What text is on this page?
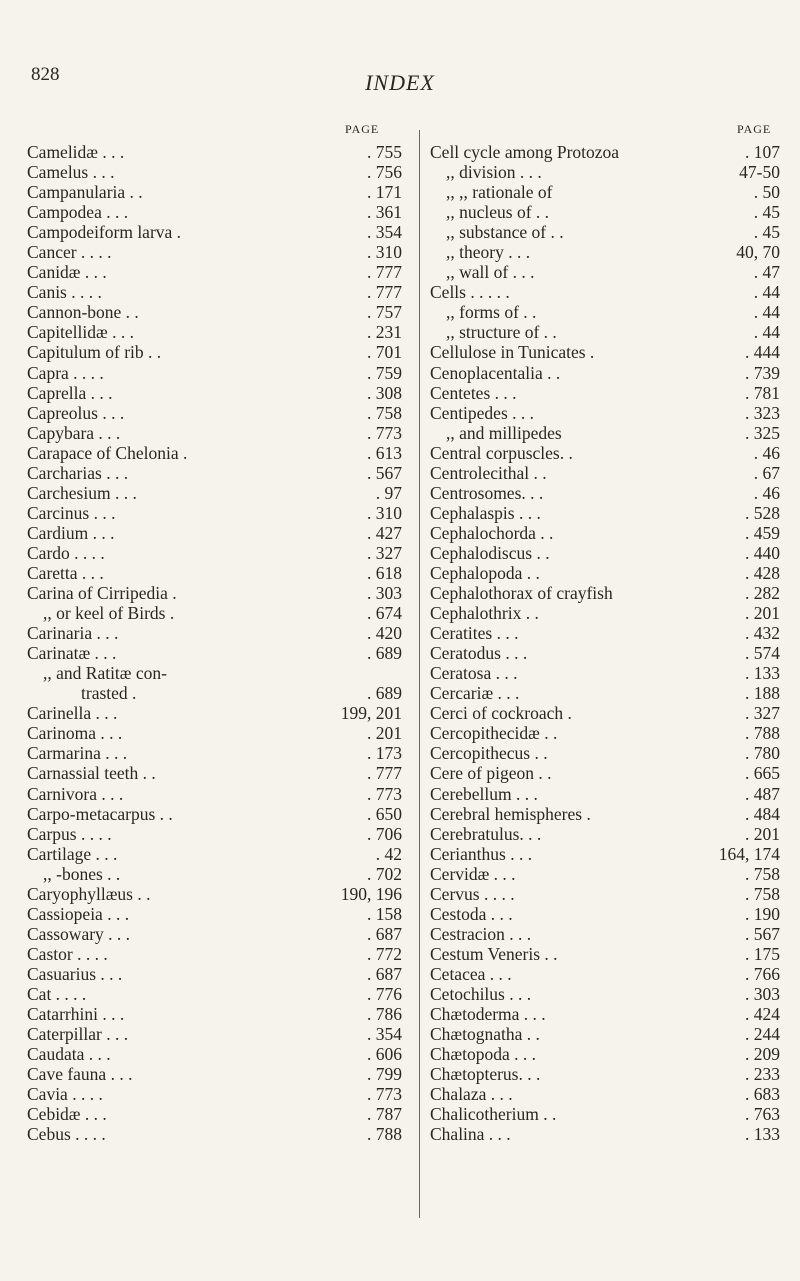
828	INDEX
PAGE	PAGE
Camelidæ . . .	. 755
Camelus . . .	. 756
Campanularia . .	. 171
Campodea . . .	. 361
Campodeiform larva .	. 354
Cancer . . . .	. 310
Canidæ . . .	. 777
Canis . . . .	. 777
Cannon-bone . .	. 757
Capitellidæ . . .	. 231
Capitulum of rib . .	. 701
Capra . . . .	. 759
Caprella . . .	. 308
Capreolus . . .	. 758
Capybara . . .	. 773
Carapace of Chelonia .	. 613
Carcharias . . .	. 567
Carchesium . . .	. 97
Carcinus . . .	. 310
Cardium . . .	. 427
Cardo . . . .	. 327
Caretta . . .	. 618
Carina of Cirripedia .	. 303
,, or keel of Birds .	. 674
Carinaria . . .	. 420
Carinatæ . . .	. 689
,, and Ratitæ con-
trasted .	. 689
Carinella . . .	199, 201
Carinoma . . .	. 201
Carmarina . . .	. 173
Carnassial teeth . .	. 777
Carnivora . . .	. 773
Carpo-metacarpus . .	. 650
Carpus . . . .	. 706
Cartilage . . .	. 42
,, -bones . .	. 702
Caryophyllæus . .	190, 196
Cassiopeia . . .	. 158
Cassowary . . .	. 687
Castor . . . .	. 772
Casuarius . . .	. 687
Cat . . . .	. 776
Catarrhini . . .	. 786
Caterpillar . . .	. 354
Caudata . . .	. 606
Cave fauna . . .	. 799
Cavia . . . .	. 773
Cebidæ . . .	. 787
Cebus . . . .	. 788
Cell cycle among Protozoa	. 107
,, division . . .	47-50
,, ,, rationale of	. 50
,, nucleus of . .	. 45
,, substance of . .	. 45
,, theory . . .	40, 70
,, wall of . . .	. 47
Cells . . . . .	. 44
,, forms of . .	. 44
,, structure of . .	. 44
Cellulose in Tunicates .	. 444
Cenoplacentalia . .	. 739
Centetes . . .	. 781
Centipedes . . .	. 323
,, and millipedes	. 325
Central corpuscles. .	. 46
Centrolecithal . .	. 67
Centrosomes. . .	. 46
Cephalaspis . . .	. 528
Cephalochorda . .	. 459
Cephalodiscus . .	. 440
Cephalopoda . .	. 428
Cephalothorax of crayfish	. 282
Cephalothrix . .	. 201
Ceratites . . .	. 432
Ceratodus . . .	. 574
Ceratosa . . .	. 133
Cercariæ . . .	. 188
Cerci of cockroach .	. 327
Cercopithecidæ . .	. 788
Cercopithecus . .	. 780
Cere of pigeon . .	. 665
Cerebellum . . .	. 487
Cerebral hemispheres .	. 484
Cerebratulus. . .	. 201
Cerianthus . . .	164, 174
Cervidæ . . .	. 758
Cervus . . . .	. 758
Cestoda . . .	. 190
Cestracion . . .	. 567
Cestum Veneris . .	. 175
Cetacea . . .	. 766
Cetochilus . . .	. 303
Chætoderma . . .	. 424
Chætognatha . .	. 244
Chætopoda . . .	. 209
Chætopterus. . .	. 233
Chalaza . . .	. 683
Chalicotherium . .	. 763
Chalina . . .	. 133
